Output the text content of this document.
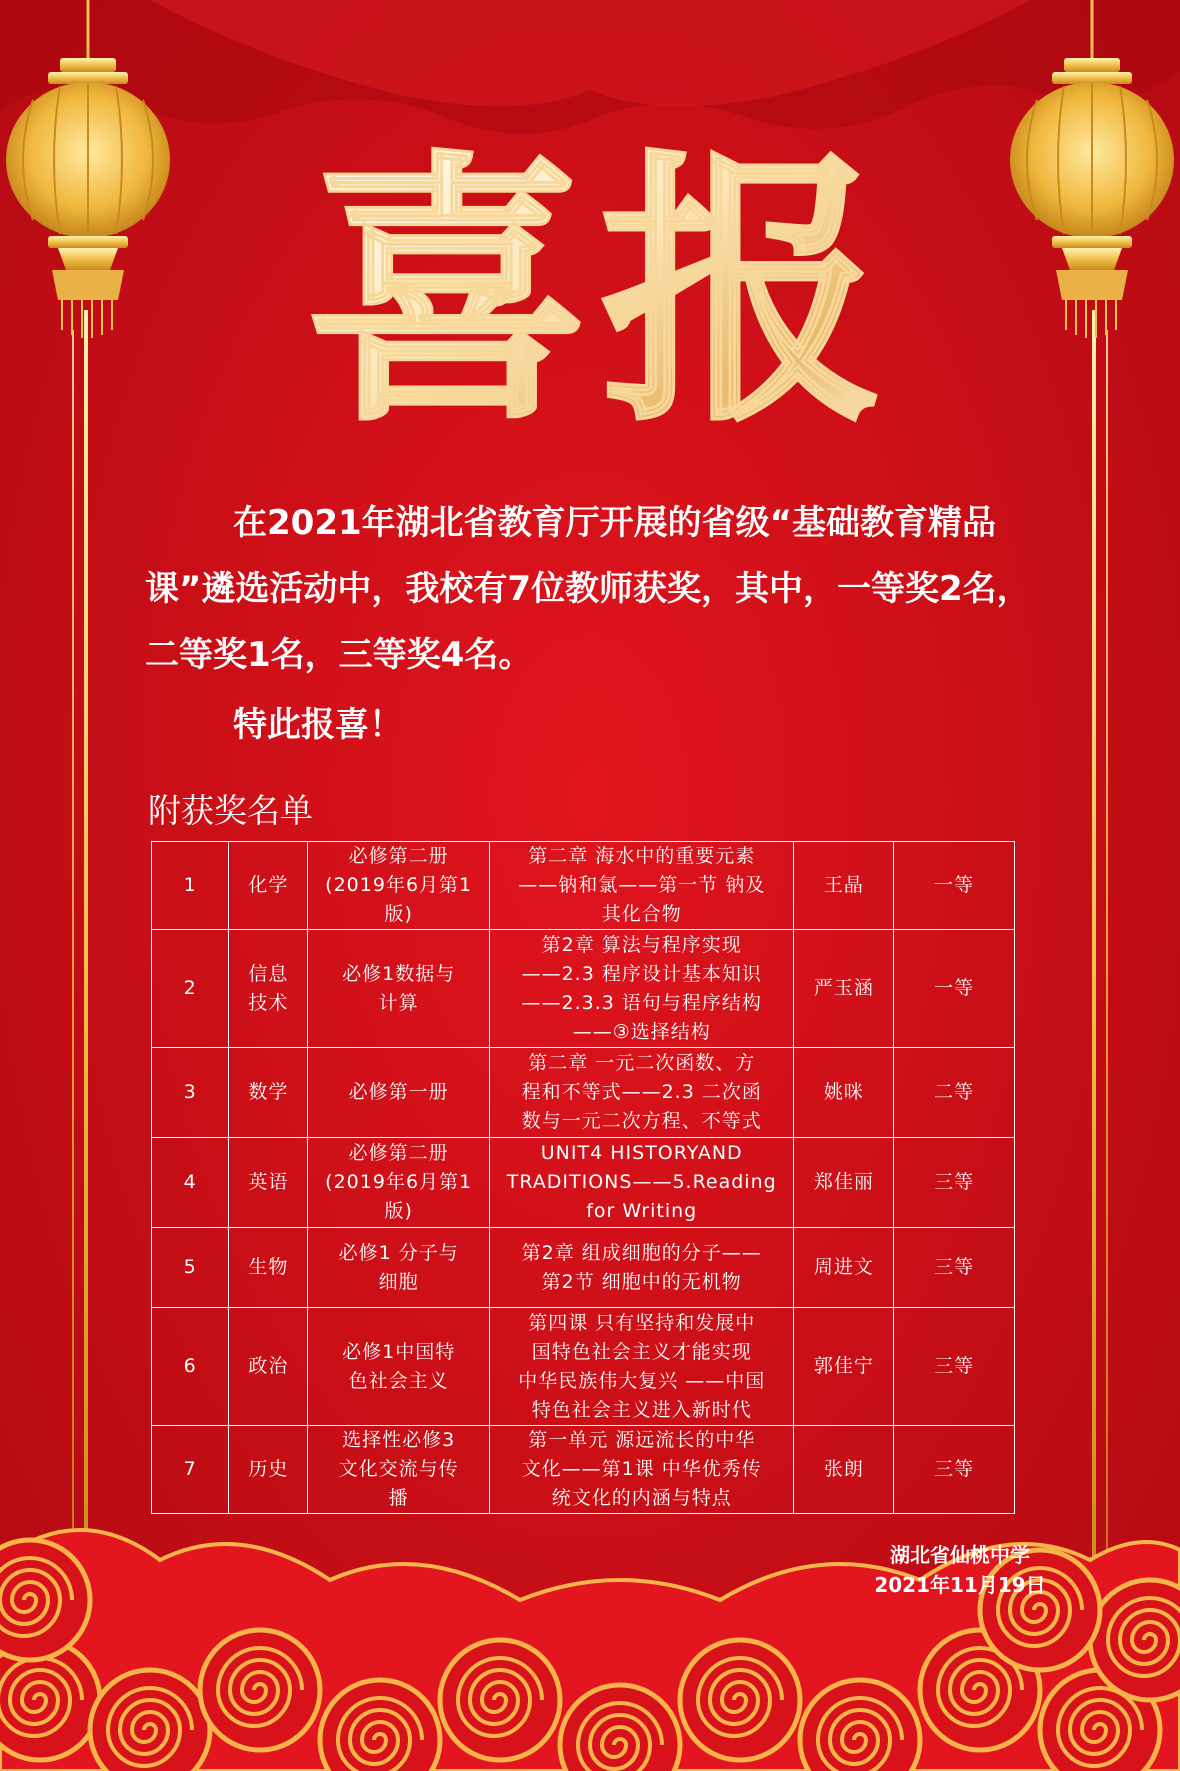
喜报
在2021年湖北省教育厅开展的省级“基础教育精品课”遴选活动中，我校有7位教师获奖，其中，一等奖2名，二等奖1名，三等奖4名。
特此报喜！
附获奖名单
1	化学	必修第二册
(2019年6月第1版)	第二章 海水中的重要元素
——钠和氯——第一节 钠及
其化合物	王晶	一等
2	信息
技术	必修1数据与
计算	第2章 算法与程序实现
——2.3 程序设计基本知识
——2.3.3 语句与程序结构
——③选择结构	严玉涵	一等
3	数学	必修第一册	第二章 一元二次函数、方
程和不等式——2.3 二次函
数与一元二次方程、不等式	姚咪	二等
4	英语	必修第二册
(2019年6月第1版)	UNIT4 HISTORYAND
TRADITIONS——5.Reading
for Writing	郑佳丽	三等
5	生物	必修1 分子与
细胞	第2章 组成细胞的分子——
第2节 细胞中的无机物	周进文	三等
6	政治	必修1中国特
色社会主义	第四课 只有坚持和发展中
国特色社会主义才能实现
中华民族伟大复兴 ——中国
特色社会主义进入新时代	郭佳宁	三等
7	历史	选择性必修3
文化交流与传
播	第一单元 源远流长的中华
文化——第1课 中华优秀传
统文化的内涵与特点	张朗	三等
湖北省仙桃中学
2021年11月19日
